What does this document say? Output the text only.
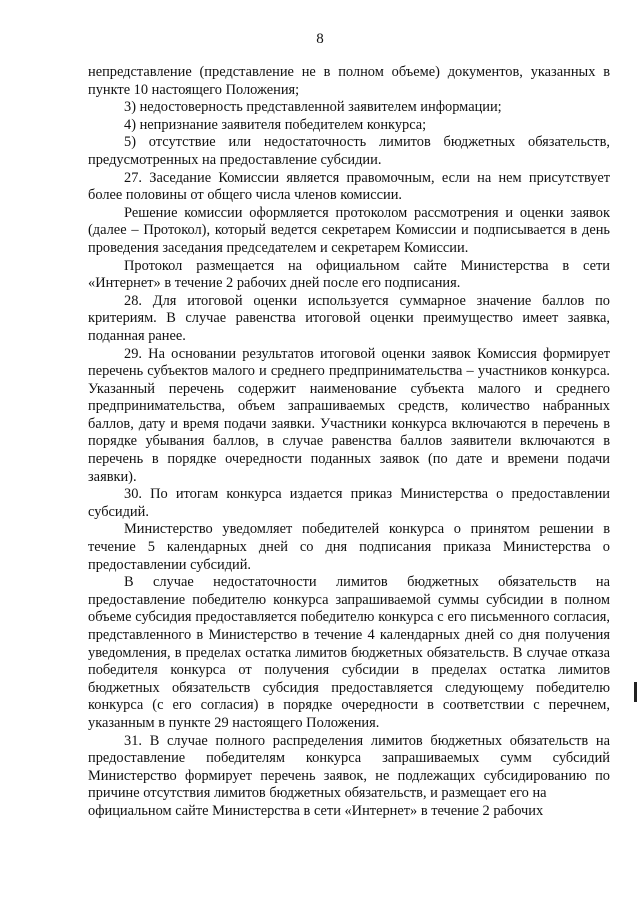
8

непредставление (представление не в полном объеме) документов, указанных в пункте 10 настоящего Положения;

3) недостоверность представленной заявителем информации;

4) непризнание заявителя победителем конкурса;

5) отсутствие или недостаточность лимитов бюджетных обязательств, предусмотренных на предоставление субсидии.

27. Заседание Комиссии является правомочным, если на нем присутствует более половины от общего числа членов комиссии.

Решение комиссии оформляется протоколом рассмотрения и оценки заявок (далее – Протокол), который ведется секретарем Комиссии и подписывается в день проведения заседания председателем и секретарем Комиссии.

Протокол размещается на официальном сайте Министерства в сети «Интернет» в течение 2 рабочих дней после его подписания.

28. Для итоговой оценки используется суммарное значение баллов по критериям. В случае равенства итоговой оценки преимущество имеет заявка, поданная ранее.

29. На основании результатов итоговой оценки заявок Комиссия формирует перечень субъектов малого и среднего предпринимательства – участников конкурса. Указанный перечень содержит наименование субъекта малого и среднего предпринимательства, объем запрашиваемых средств, количество набранных баллов, дату и время подачи заявки. Участники конкурса включаются в перечень в порядке убывания баллов, в случае равенства баллов заявители включаются в перечень в порядке очередности поданных заявок (по дате и времени подачи заявки).

30. По итогам конкурса издается приказ Министерства о предоставлении субсидий.

Министерство уведомляет победителей конкурса о принятом решении в течение 5 календарных дней со дня подписания приказа Министерства о предоставлении субсидий.

В случае недостаточности лимитов бюджетных обязательств на предоставление победителю конкурса запрашиваемой суммы субсидии в полном объеме субсидия предоставляется победителю конкурса с его письменного согласия, представленного в Министерство в течение 4 календарных дней со дня получения уведомления, в пределах остатка лимитов бюджетных обязательств. В случае отказа победителя конкурса от получения субсидии в пределах остатка лимитов бюджетных обязательств субсидия предоставляется следующему победителю конкурса (с его согласия) в порядке очередности в соответствии с перечнем, указанным в пункте 29 настоящего Положения.

31. В случае полного распределения лимитов бюджетных обязательств на предоставление победителям конкурса запрашиваемых сумм субсидий Министерство формирует перечень заявок, не подлежащих субсидированию по причине отсутствия лимитов бюджетных обязательств, и размещает его на

официальном сайте Министерства в сети «Интернет» в течение 2 рабочих
